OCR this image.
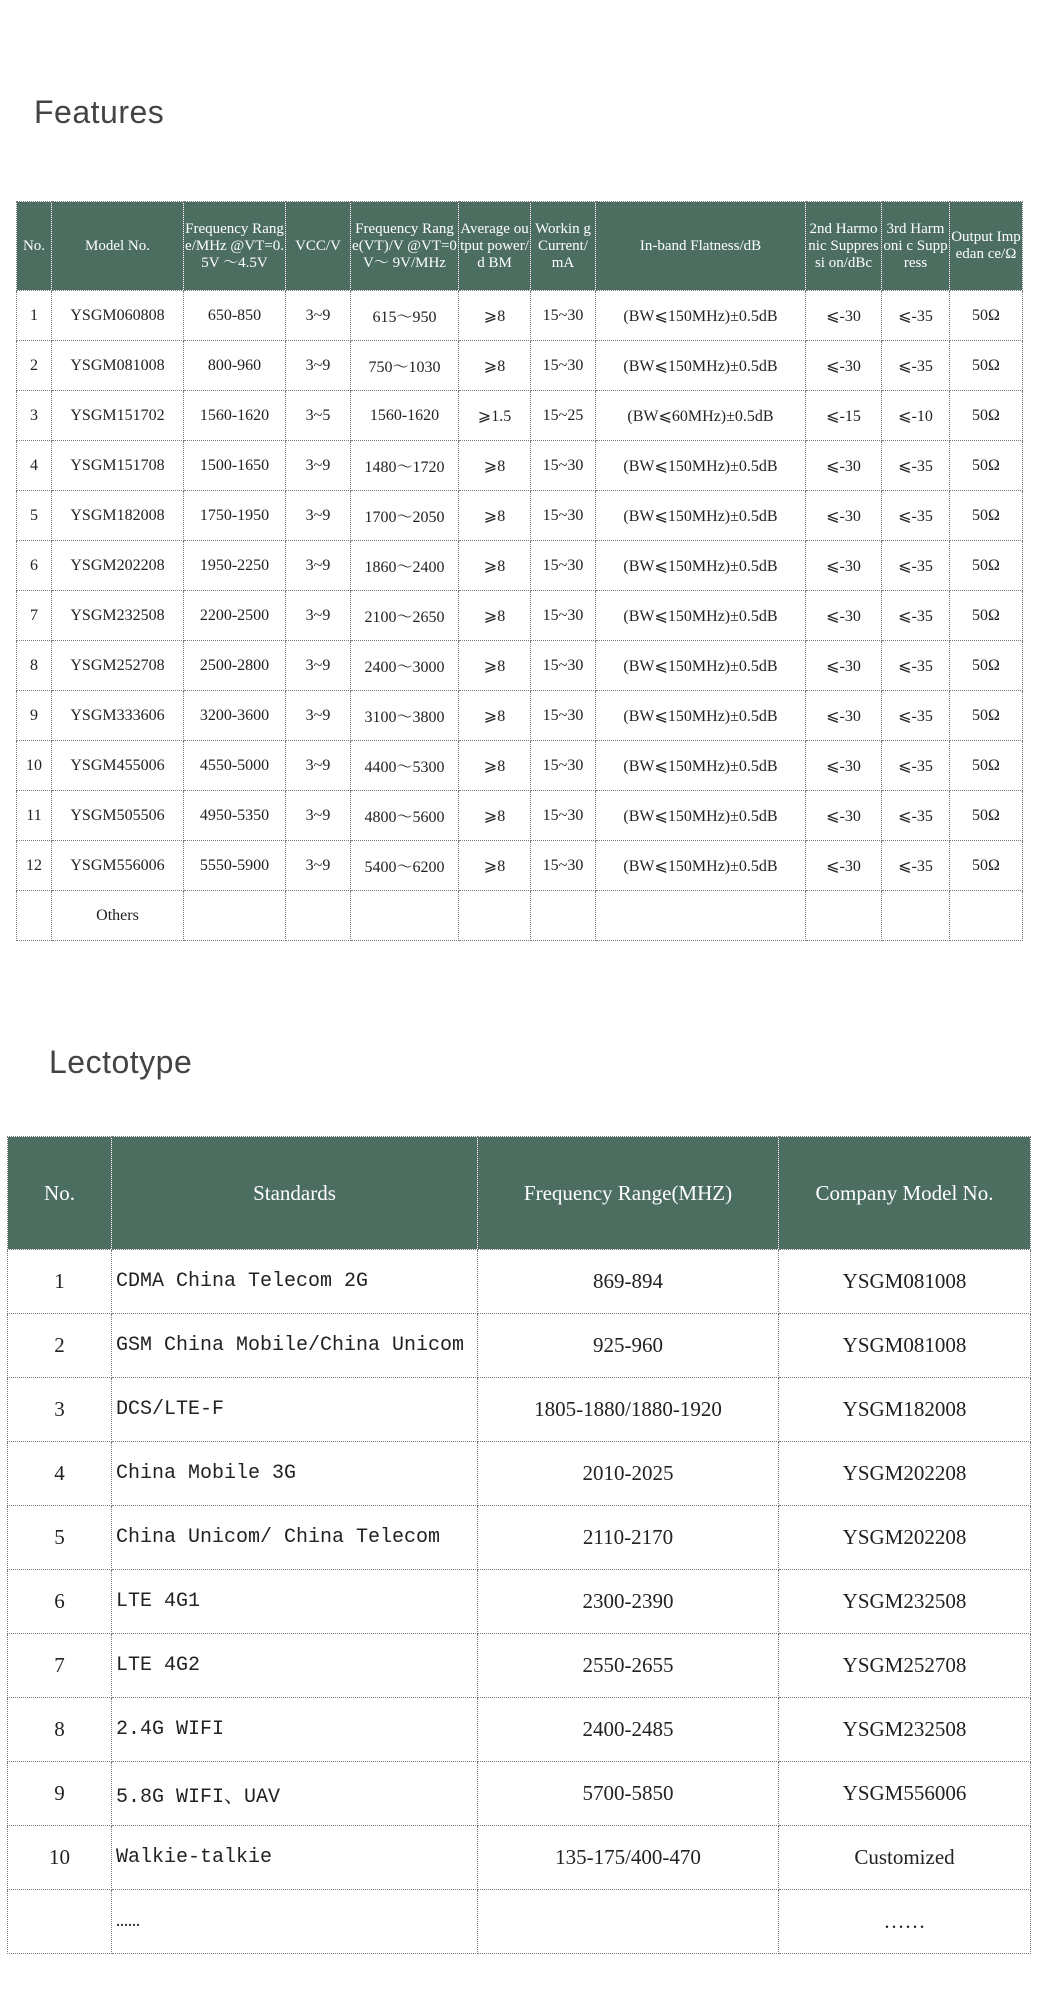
Features
No.	Model No.	Frequency Range/MHz @VT=0.5V ～4.5V	VCC/V	Frequency Range(VT)/V @VT=0V～ 9V/MHz	Average output power/d BM	Workin g Current/ mA	In-band Flatness/dB	2nd Harmonic Suppressi on/dBc	3rd Harmoni c Suppress	Output Impedan ce/Ω
1	YSGM060808	650-850	3~9	615～950	⩾8	15~30	(BW⩽150MHz)±0.5dB	⩽-30	⩽-35	50Ω
2	YSGM081008	800-960	3~9	750～1030	⩾8	15~30	(BW⩽150MHz)±0.5dB	⩽-30	⩽-35	50Ω
3	YSGM151702	1560-1620	3~5	1560-1620	⩾1.5	15~25	(BW⩽60MHz)±0.5dB	⩽-15	⩽-10	50Ω
4	YSGM151708	1500-1650	3~9	1480～1720	⩾8	15~30	(BW⩽150MHz)±0.5dB	⩽-30	⩽-35	50Ω
5	YSGM182008	1750-1950	3~9	1700～2050	⩾8	15~30	(BW⩽150MHz)±0.5dB	⩽-30	⩽-35	50Ω
6	YSGM202208	1950-2250	3~9	1860～2400	⩾8	15~30	(BW⩽150MHz)±0.5dB	⩽-30	⩽-35	50Ω
7	YSGM232508	2200-2500	3~9	2100～2650	⩾8	15~30	(BW⩽150MHz)±0.5dB	⩽-30	⩽-35	50Ω
8	YSGM252708	2500-2800	3~9	2400～3000	⩾8	15~30	(BW⩽150MHz)±0.5dB	⩽-30	⩽-35	50Ω
9	YSGM333606	3200-3600	3~9	3100～3800	⩾8	15~30	(BW⩽150MHz)±0.5dB	⩽-30	⩽-35	50Ω
10	YSGM455006	4550-5000	3~9	4400～5300	⩾8	15~30	(BW⩽150MHz)±0.5dB	⩽-30	⩽-35	50Ω
11	YSGM505506	4950-5350	3~9	4800～5600	⩾8	15~30	(BW⩽150MHz)±0.5dB	⩽-30	⩽-35	50Ω
12	YSGM556006	5550-5900	3~9	5400～6200	⩾8	15~30	(BW⩽150MHz)±0.5dB	⩽-30	⩽-35	50Ω
	Others									
Lectotype
No.	Standards	Frequency Range(MHZ)	Company Model No.
1	CDMA China Telecom 2G	869-894	YSGM081008
2	GSM China Mobile/China Unicom	925-960	YSGM081008
3	DCS/LTE-F	1805-1880/1880-1920	YSGM182008
4	China Mobile 3G	2010-2025	YSGM202208
5	China Unicom/ China Telecom	2110-2170	YSGM202208
6	LTE 4G1	2300-2390	YSGM232508
7	LTE 4G2	2550-2655	YSGM252708
8	2.4G WIFI	2400-2485	YSGM232508
9	5.8G WIFI、UAV	5700-5850	YSGM556006
10	Walkie-talkie	135-175/400-470	Customized
	……		……
